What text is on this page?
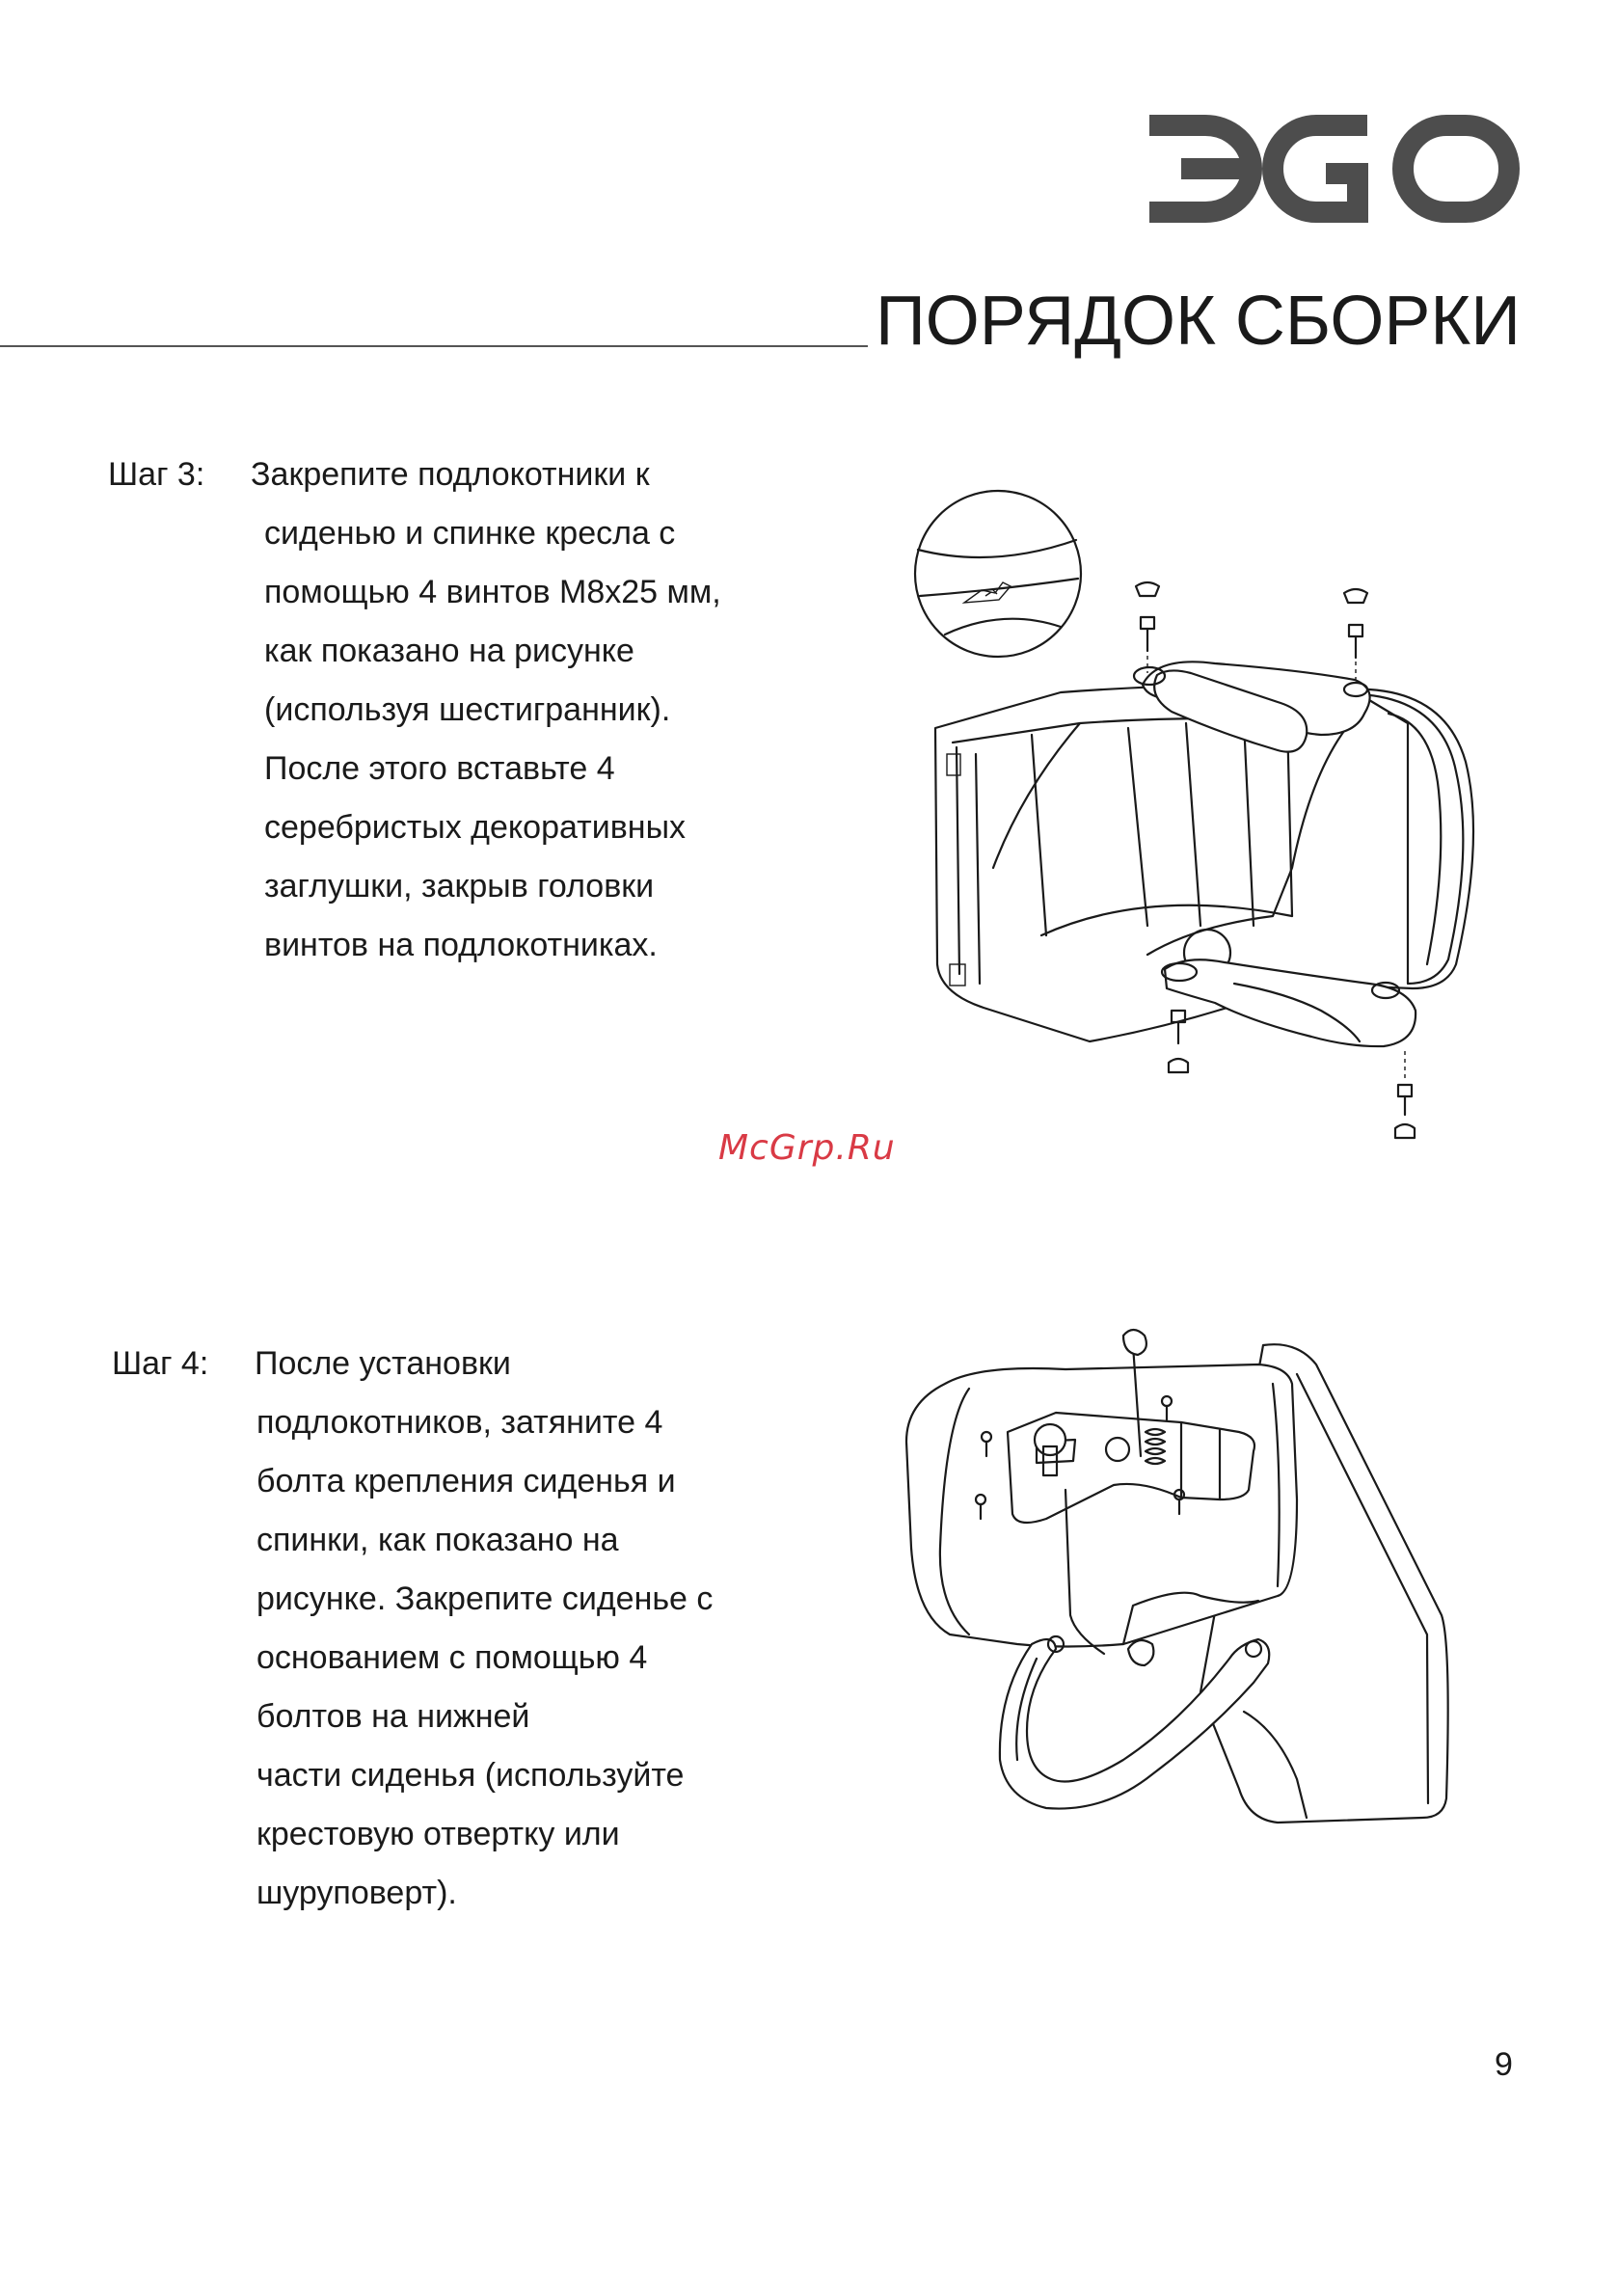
ПОРЯДОК СБОРКИ
Шаг 3: Закрепите подлокотники к
сиденью и спинке кресла с
помощью 4 винтов М8х25 мм,
как показано на рисунке
(используя шестигранник).
После этого вставьте 4
серебристых декоративных
заглушки, закрыв головки
винтов на подлокотниках.
McGrp.Ru
Шаг 4: После установки
подлокотников, затяните 4
болта крепления сиденья и
спинки, как показано на
рисунке. Закрепите сиденье с
основанием с помощью 4
болтов на нижней
части сиденья (используйте
крестовую отвертку или
шуруповерт).
9
